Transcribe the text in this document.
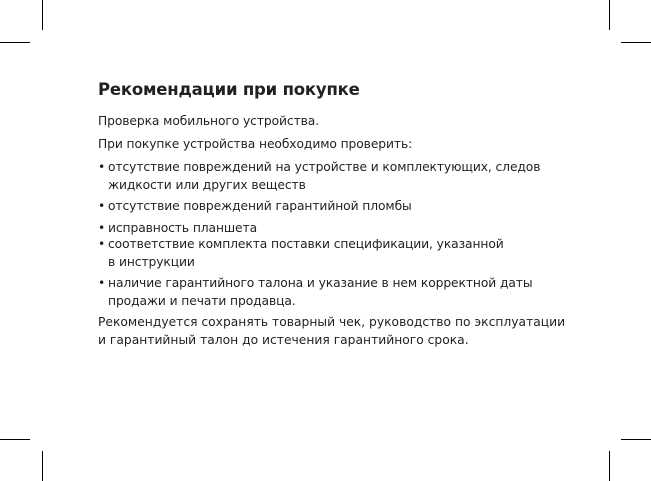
Рекомендации при покупке

Проверка мобильного устройства.

При покупке устройства необходимо проверить:

• отсутствие повреждений на устройстве и комплектующих, следов
жидкости или других веществ
• отсутствие повреждений гарантийной пломбы
• исправность планшета
• соответствие комплекта поставки спецификации, указанной
в инструкции
• наличие гарантийного талона и указание в нем корректной даты
продажи и печати продавца.
Рекомендуется сохранять товарный чек, руководство по эксплуатации
и гарантийный талон до истечения гарантийного срока.
